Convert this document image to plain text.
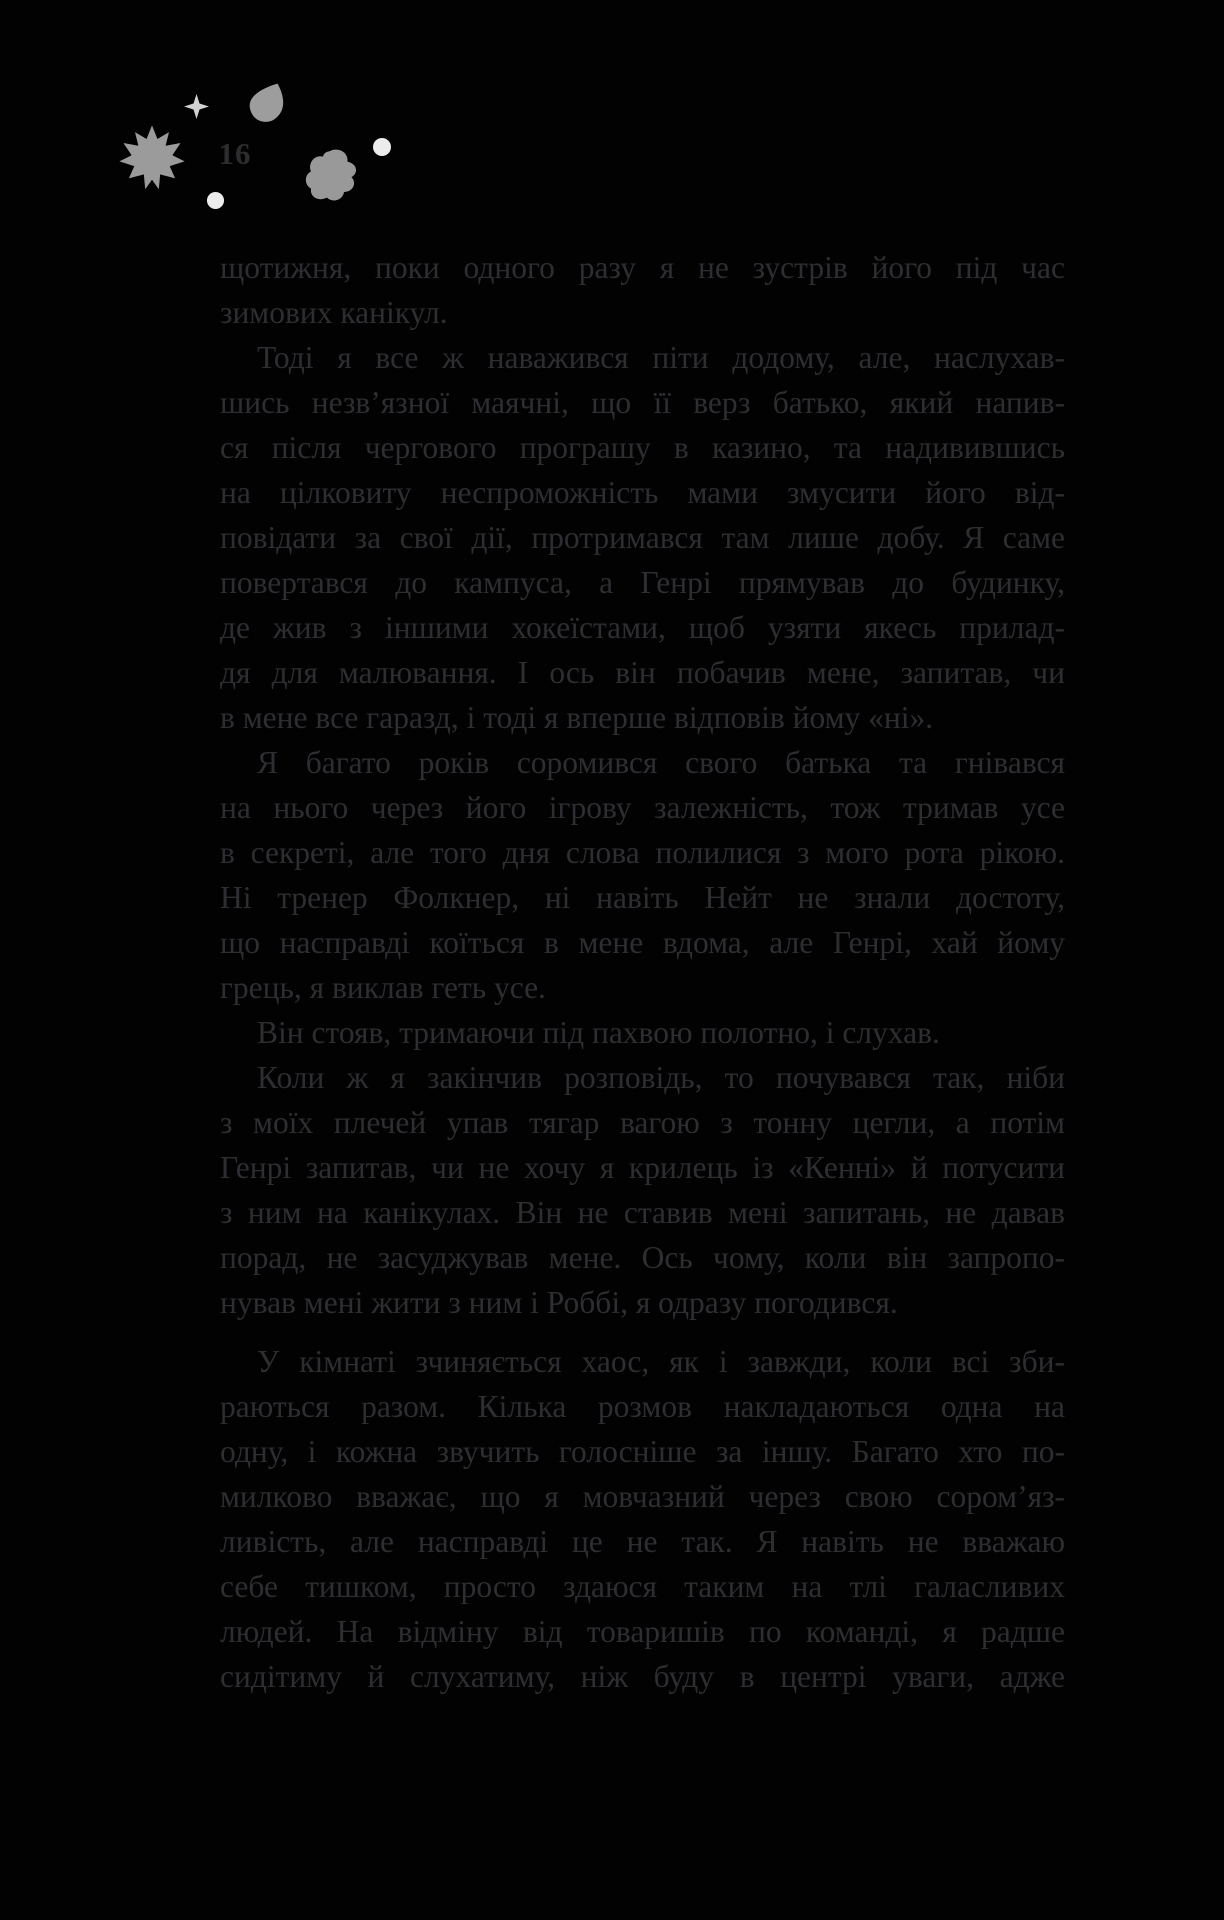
16
щотижня, поки одного разу я не зустрів його під час
зимових канікул.
Тоді я все ж наважився піти додому, але, наслухав-
шись незв’язної маячні, що її верз батько, який напив-
ся після чергового програшу в казино, та надивившись
на цілковиту неспроможність мами змусити його від-
повідати за свої дії, протримався там лише добу. Я саме
повертався до кампуса, а Генрі прямував до будинку,
де жив з іншими хокеїстами, щоб узяти якесь прилад-
дя для малювання. І ось він побачив мене, запитав, чи
в мене все гаразд, і тоді я вперше відповів йому «ні».
Я багато років соромився свого батька та гнівався
на нього через його ігрову залежність, тож тримав усе
в секреті, але того дня слова полилися з мого рота рікою.
Ні тренер Фолкнер, ні навіть Нейт не знали достоту,
що насправді коїться в мене вдома, але Генрі, хай йому
грець, я виклав геть усе.
Він стояв, тримаючи під пахвою полотно, і слухав.
Коли ж я закінчив розповідь, то почувався так, ніби
з моїх плечей упав тягар вагою з тонну цегли, а потім
Генрі запитав, чи не хочу я крилець із «Кенні» й потусити
з ним на канікулах. Він не ставив мені запитань, не давав
порад, не засуджував мене. Ось чому, коли він запропо-
нував мені жити з ним і Роббі, я одразу погодився.
У кімнаті зчиняється хаос, як і завжди, коли всі зби-
раються разом. Кілька розмов накладаються одна на
одну, і кожна звучить голосніше за іншу. Багато хто по-
милково вважає, що я мовчазний через свою сором’яз-
ливість, але насправді це не так. Я навіть не вважаю
себе тишком, просто здаюся таким на тлі галасливих
людей. На відміну від товаришів по команді, я радше
сидітиму й слухатиму, ніж буду в центрі уваги, адже
